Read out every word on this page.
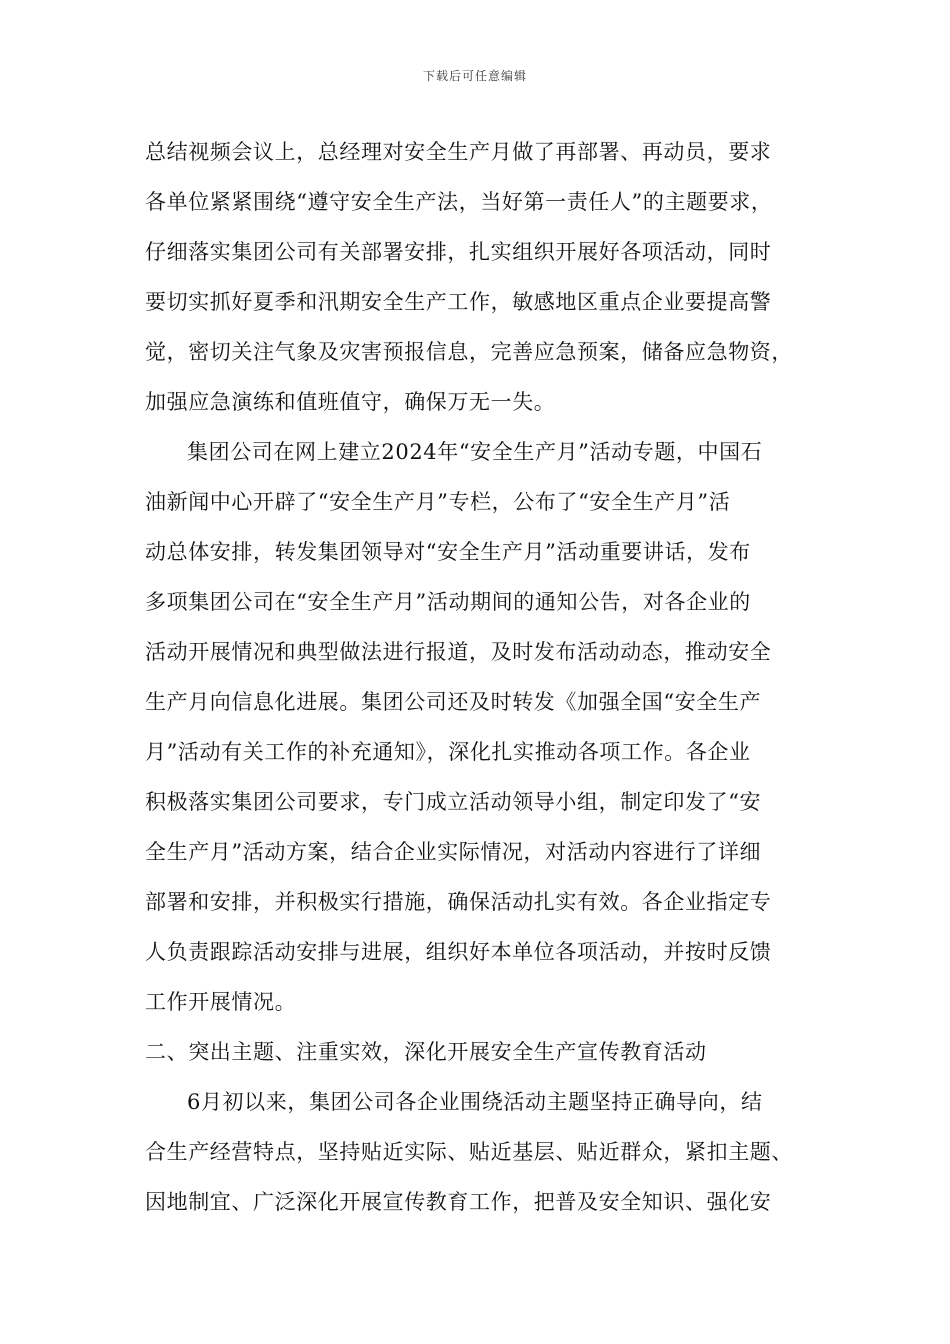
下载后可任意编辑
总结视频会议上，总经理对安全生产月做了再部署、再动员，要求
各单位紧紧围绕“遵守安全生产法，当好第一责任人”的主题要求，
仔细落实集团公司有关部署安排，扎实组织开展好各项活动，同时
要切实抓好夏季和汛期安全生产工作，敏感地区重点企业要提高警
觉，密切关注气象及灾害预报信息，完善应急预案，储备应急物资，
加强应急演练和值班值守，确保万无一失。
集团公司在网上建立2024年“安全生产月”活动专题，中国石
油新闻中心开辟了“安全生产月”专栏，公布了“安全生产月”活
动总体安排，转发集团领导对“安全生产月”活动重要讲话，发布
多项集团公司在“安全生产月”活动期间的通知公告，对各企业的
活动开展情况和典型做法进行报道，及时发布活动动态，推动安全
生产月向信息化进展。集团公司还及时转发《加强全国“安全生产
月”活动有关工作的补充通知》，深化扎实推动各项工作。各企业
积极落实集团公司要求，专门成立活动领导小组，制定印发了“安
全生产月”活动方案，结合企业实际情况，对活动内容进行了详细
部署和安排，并积极实行措施，确保活动扎实有效。各企业指定专
人负责跟踪活动安排与进展，组织好本单位各项活动，并按时反馈
工作开展情况。
二、突出主题、注重实效，深化开展安全生产宣传教育活动
6月初以来，集团公司各企业围绕活动主题坚持正确导向，结
合生产经营特点，坚持贴近实际、贴近基层、贴近群众，紧扣主题、
因地制宜、广泛深化开展宣传教育工作，把普及安全知识、强化安
